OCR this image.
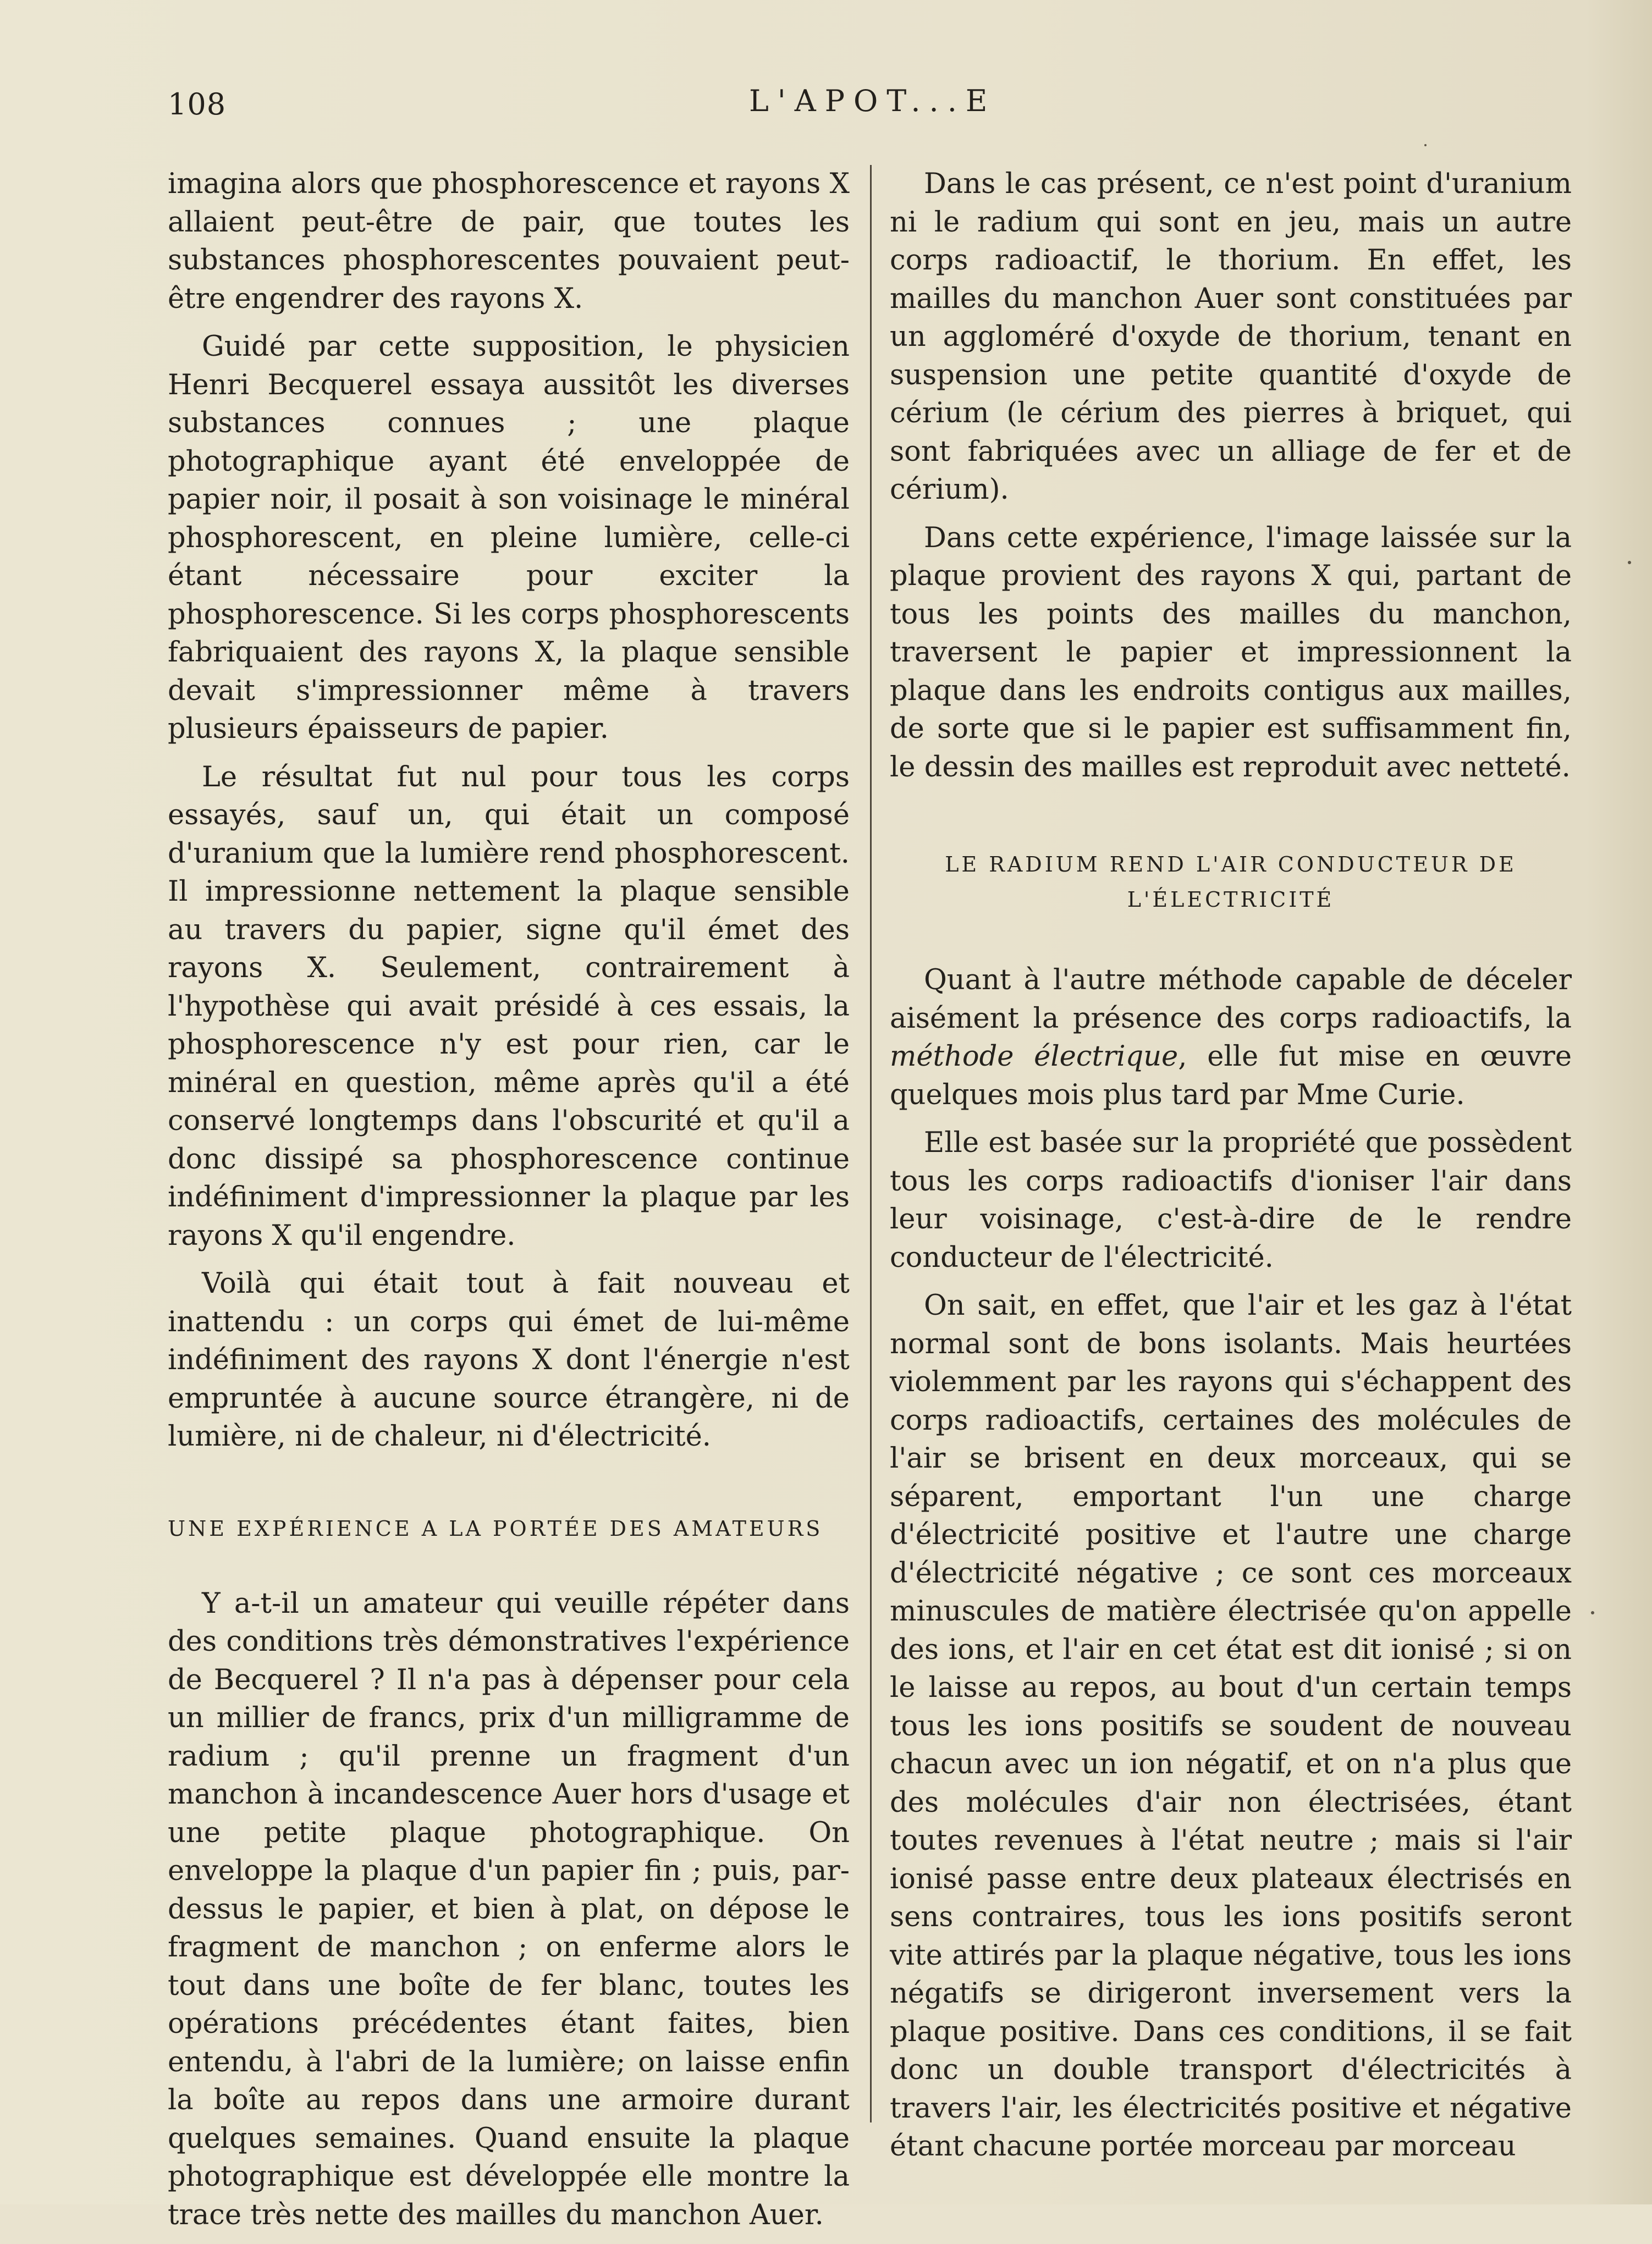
108	L'APOT...E

imagina alors que phosphorescence et rayons X allaient peut-être de pair, que toutes les substances phosphorescentes pouvaient peut-être engendrer des rayons X.

Guidé par cette supposition, le physicien Henri Becquerel essaya aussitôt les diverses substances connues ; une plaque photographique ayant été enveloppée de papier noir, il posait à son voisinage le minéral phosphorescent, en pleine lumière, celle-ci étant nécessaire pour exciter la phosphorescence. Si les corps phosphorescents fabriquaient des rayons X, la plaque sensible devait s'impressionner même à travers plusieurs épaisseurs de papier.

Le résultat fut nul pour tous les corps essayés, sauf un, qui était un composé d'uranium que la lumière rend phosphorescent. Il impressionne nettement la plaque sensible au travers du papier, signe qu'il émet des rayons X. Seulement, contrairement à l'hypothèse qui avait présidé à ces essais, la phosphorescence n'y est pour rien, car le minéral en question, même après qu'il a été conservé longtemps dans l'obscurité et qu'il a donc dissipé sa phosphorescence continue indéfiniment d'impressionner la plaque par les rayons X qu'il engendre.

Voilà qui était tout à fait nouveau et inattendu : un corps qui émet de lui-même indéfiniment des rayons X dont l'énergie n'est empruntée à aucune source étrangère, ni de lumière, ni de chaleur, ni d'électricité.

UNE EXPÉRIENCE A LA PORTÉE DES AMATEURS

Y a-t-il un amateur qui veuille répéter dans des conditions très démonstratives l'expérience de Becquerel ? Il n'a pas à dépenser pour cela un millier de francs, prix d'un milligramme de radium ; qu'il prenne un fragment d'un manchon à incandescence Auer hors d'usage et une petite plaque photographique. On enveloppe la plaque d'un papier fin ; puis, par-dessus le papier, et bien à plat, on dépose le fragment de manchon ; on enferme alors le tout dans une boîte de fer blanc, toutes les opérations précédentes étant faites, bien entendu, à l'abri de la lumière; on laisse enfin la boîte au repos dans une armoire durant quelques semaines. Quand ensuite la plaque photographique est développée elle montre la trace très nette des mailles du manchon Auer.

Dans le cas présent, ce n'est point d'uranium ni le radium qui sont en jeu, mais un autre corps radioactif, le thorium. En effet, les mailles du manchon Auer sont constituées par un aggloméré d'oxyde de thorium, tenant en suspension une petite quantité d'oxyde de cérium (le cérium des pierres à briquet, qui sont fabriquées avec un alliage de fer et de cérium).

Dans cette expérience, l'image laissée sur la plaque provient des rayons X qui, partant de tous les points des mailles du manchon, traversent le papier et impressionnent la plaque dans les endroits contigus aux mailles, de sorte que si le papier est suffisamment fin, le dessin des mailles est reproduit avec netteté.

LE RADIUM REND L'AIR CONDUCTEUR DE L'ÉLECTRICITÉ

Quant à l'autre méthode capable de déceler aisément la présence des corps radioactifs, la méthode électrique, elle fut mise en œuvre quelques mois plus tard par Mme Curie.

Elle est basée sur la propriété que possèdent tous les corps radioactifs d'ioniser l'air dans leur voisinage, c'est-à-dire de le rendre conducteur de l'électricité.

On sait, en effet, que l'air et les gaz à l'état normal sont de bons isolants. Mais heurtées violemment par les rayons qui s'échappent des corps radioactifs, certaines des molécules de l'air se brisent en deux morceaux, qui se séparent, emportant l'un une charge d'électricité positive et l'autre une charge d'électricité négative ; ce sont ces morceaux minuscules de matière électrisée qu'on appelle des ions, et l'air en cet état est dit ionisé ; si on le laisse au repos, au bout d'un certain temps tous les ions positifs se soudent de nouveau chacun avec un ion négatif, et on n'a plus que des molécules d'air non électrisées, étant toutes revenues à l'état neutre ; mais si l'air ionisé passe entre deux plateaux électrisés en sens contraires, tous les ions positifs seront vite attirés par la plaque négative, tous les ions négatifs se dirigeront inversement vers la plaque positive. Dans ces conditions, il se fait donc un double transport d'électricités à travers l'air, les électricités positive et négative étant chacune portée morceau par morceau
